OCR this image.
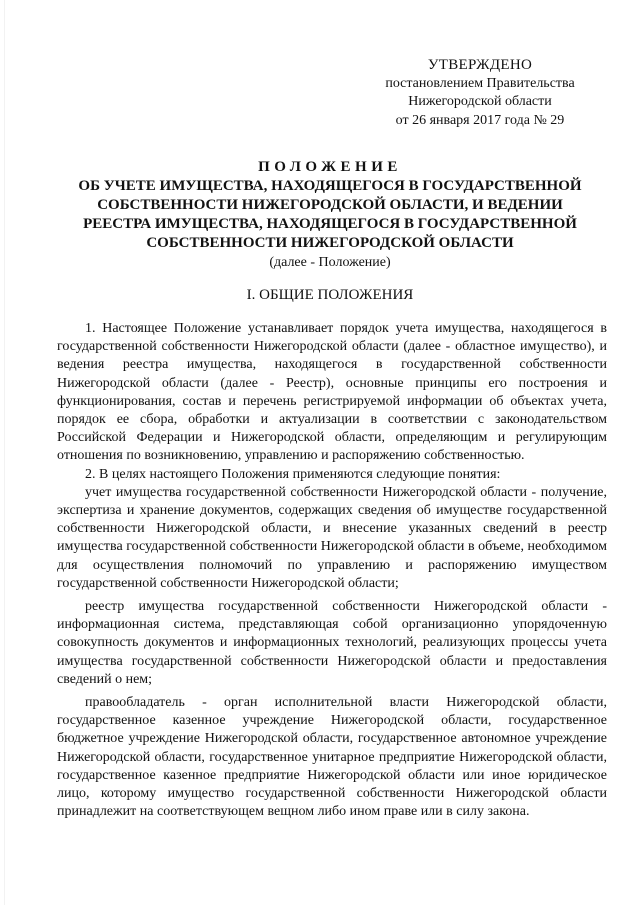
УТВЕРЖДЕНО
постановлением Правительства
Нижегородской области
от 26 января 2017 года № 29
ПОЛОЖЕНИЕ
ОБ УЧЕТЕ ИМУЩЕСТВА, НАХОДЯЩЕГОСЯ В ГОСУДАРСТВЕННОЙ
СОБСТВЕННОСТИ НИЖЕГОРОДСКОЙ ОБЛАСТИ, И ВЕДЕНИИ
РЕЕСТРА ИМУЩЕСТВА, НАХОДЯЩЕГОСЯ В ГОСУДАРСТВЕННОЙ
СОБСТВЕННОСТИ НИЖЕГОРОДСКОЙ ОБЛАСТИ
(далее - Положение)
I. ОБЩИЕ ПОЛОЖЕНИЯ

1. Настоящее Положение устанавливает порядок учета имущества, находящегося в государственной собственности Нижегородской области (далее - областное имущество), и ведения реестра имущества, находящегося в государственной собственности Нижегородской области (далее - Реестр), основные принципы его построения и функционирования, состав и перечень регистрируемой информации об объектах учета, порядок ее сбора, обработки и актуализации в соответствии с законодательством Российской Федерации и Нижегородской области, определяющим и регулирующим отношения по возникновению, управлению и распоряжению собственностью.

2. В целях настоящего Положения применяются следующие понятия:

учет имущества государственной собственности Нижегородской области - получение, экспертиза и хранение документов, содержащих сведения об имуществе государственной собственности Нижегородской области, и внесение указанных сведений в реестр имущества государственной собственности Нижегородской области в объеме, необходимом для осуществления полномочий по управлению и распоряжению имуществом государственной собственности Нижегородской области;

реестр имущества государственной собственности Нижегородской области - информационная система, представляющая собой организационно упорядоченную совокупность документов и информационных технологий, реализующих процессы учета имущества государственной собственности Нижегородской области и предоставления сведений о нем;

правообладатель - орган исполнительной власти Нижегородской области, государственное казенное учреждение Нижегородской области, государственное бюджетное учреждение Нижегородской области, государственное автономное учреждение Нижегородской области, государственное унитарное предприятие Нижегородской области, государственное казенное предприятие Нижегородской области или иное юридическое лицо, которому имущество государственной собственности Нижегородской области принадлежит на соответствующем вещном либо ином праве или в силу закона.
